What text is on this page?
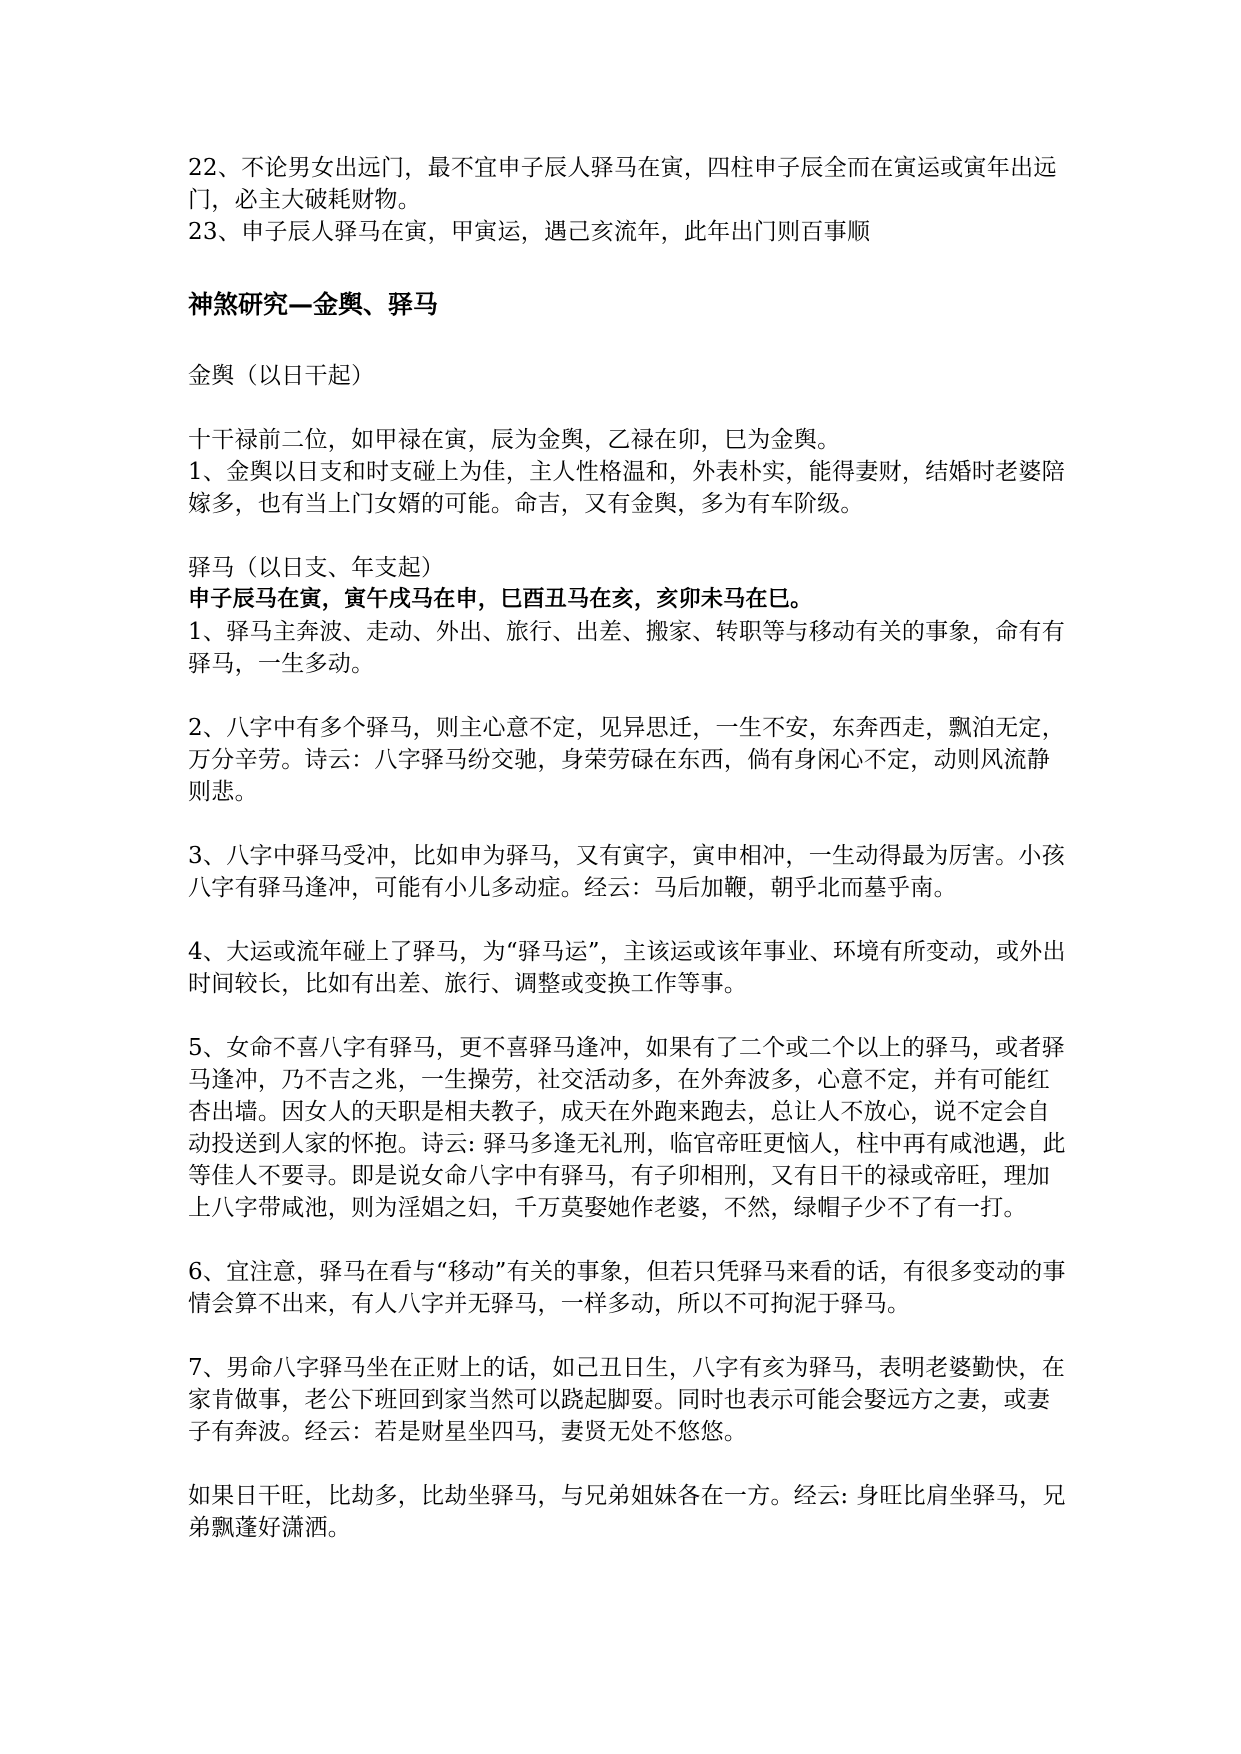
22、不论男女出远门，最不宜申子辰人驿马在寅，四柱申子辰全而在寅运或寅年出远门，必主大破耗财物。

23、申子辰人驿马在寅，甲寅运，遇己亥流年，此年出门则百事顺

神煞研究—金舆、驿马

金舆（以日干起）

十干禄前二位，如甲禄在寅，辰为金舆，乙禄在卯，巳为金舆。

1、金舆以日支和时支碰上为佳，主人性格温和，外表朴实，能得妻财，结婚时老婆陪嫁多，也有当上门女婿的可能。命吉，又有金舆，多为有车阶级。

驿马（以日支、年支起）

申子辰马在寅，寅午戌马在申，巳酉丑马在亥，亥卯未马在巳。

1、驿马主奔波、走动、外出、旅行、出差、搬家、转职等与移动有关的事象，命有有驿马，一生多动。

2、八字中有多个驿马，则主心意不定，见异思迁，一生不安，东奔西走，飘泊无定，万分辛劳。诗云：八字驿马纷交驰，身荣劳碌在东西，倘有身闲心不定，动则风流静则悲。

3、八字中驿马受冲，比如申为驿马，又有寅字，寅申相冲，一生动得最为厉害。小孩八字有驿马逢冲，可能有小儿多动症。经云：马后加鞭，朝乎北而墓乎南。

4、大运或流年碰上了驿马，为“驿马运”，主该运或该年事业、环境有所变动，或外出时间较长，比如有出差、旅行、调整或变换工作等事。

5、女命不喜八字有驿马，更不喜驿马逢冲，如果有了二个或二个以上的驿马，或者驿马逢冲，乃不吉之兆，一生操劳，社交活动多，在外奔波多，心意不定，并有可能红杏出墙。因女人的天职是相夫教子，成天在外跑来跑去，总让人不放心，说不定会自动投送到人家的怀抱。诗云: 驿马多逢无礼刑，临官帝旺更恼人，柱中再有咸池遇，此等佳人不要寻。即是说女命八字中有驿马，有子卯相刑，又有日干的禄或帝旺，理加上八字带咸池，则为淫娼之妇，千万莫娶她作老婆，不然，绿帽子少不了有一打。

6、宜注意，驿马在看与“移动”有关的事象，但若只凭驿马来看的话，有很多变动的事情会算不出来，有人八字并无驿马，一样多动，所以不可拘泥于驿马。

7、男命八字驿马坐在正财上的话，如己丑日生，八字有亥为驿马，表明老婆勤快，在家肯做事，老公下班回到家当然可以跷起脚耍。同时也表示可能会娶远方之妻，或妻子有奔波。经云：若是财星坐四马，妻贤无处不悠悠。

如果日干旺，比劫多，比劫坐驿马，与兄弟姐妹各在一方。经云: 身旺比肩坐驿马，兄弟飘蓬好潇洒。
